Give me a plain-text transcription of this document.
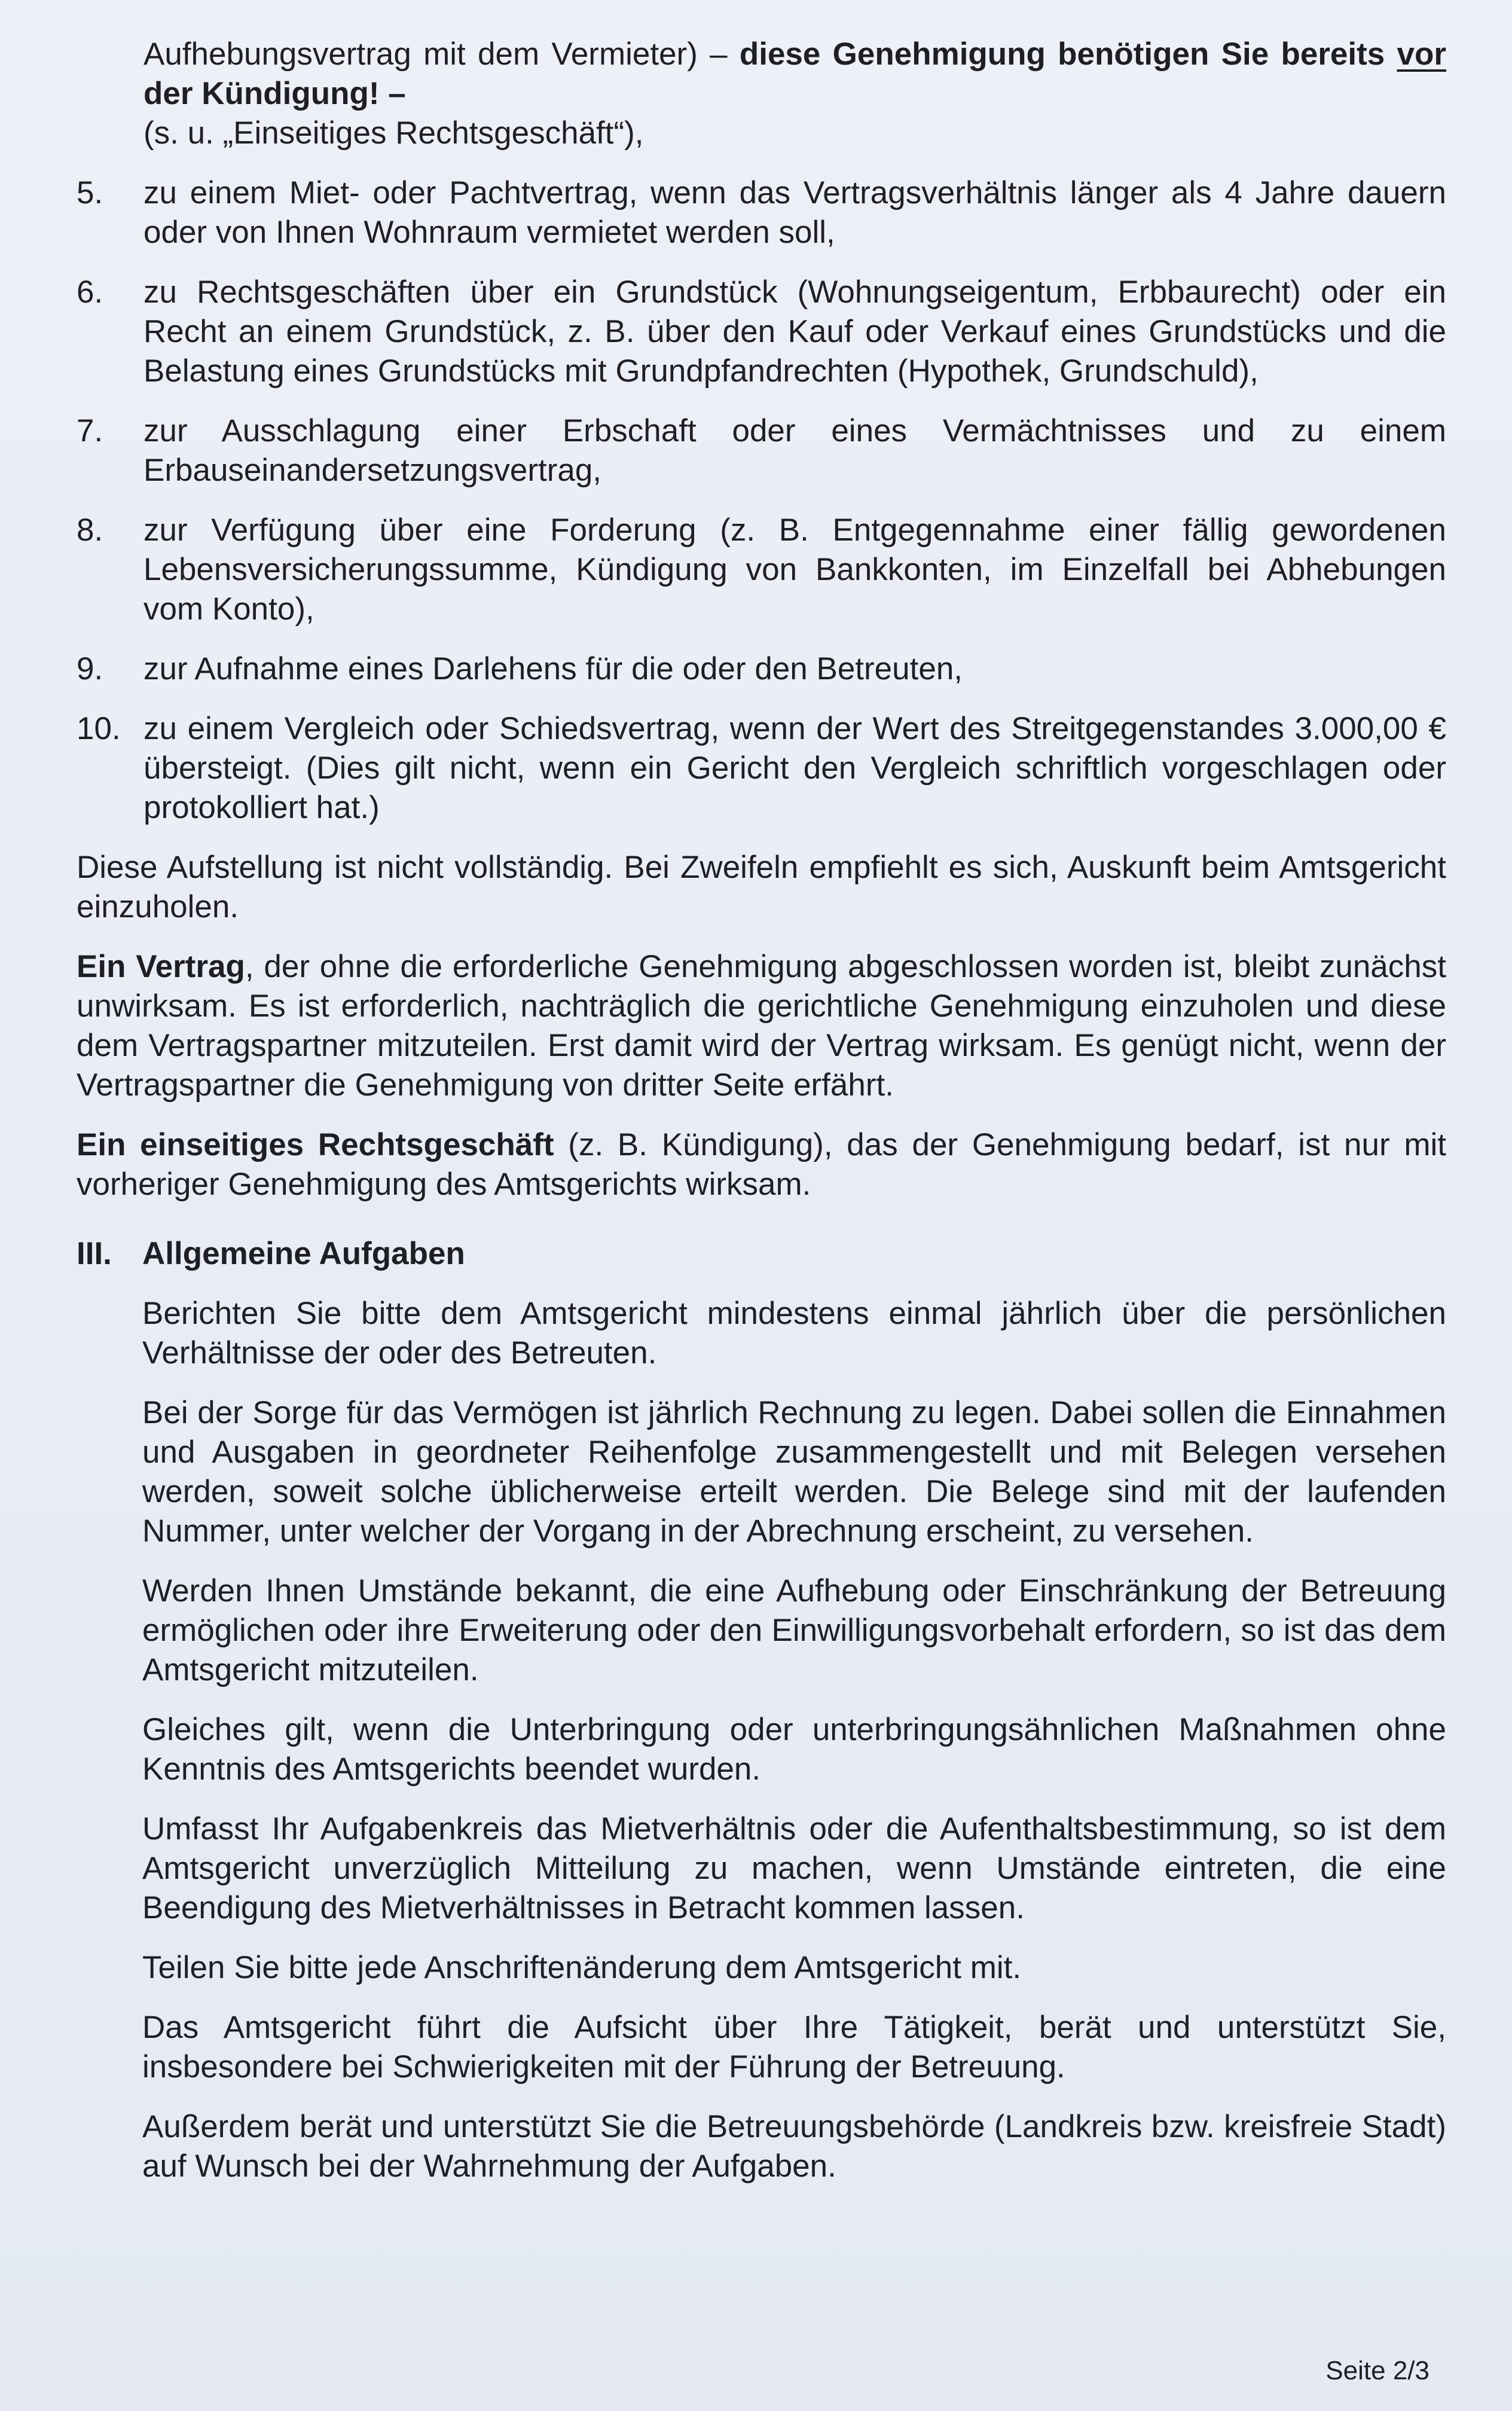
Aufhebungsvertrag mit dem Vermieter) – diese Genehmigung benötigen Sie bereits vor der Kündigung! –
(s. u. „Einseitiges Rechtsgeschäft“),

5.	zu einem Miet- oder Pachtvertrag, wenn das Vertragsverhältnis länger als 4 Jahre dauern oder von Ihnen Wohnraum vermietet werden soll,

6.	zu Rechtsgeschäften über ein Grundstück (Wohnungseigentum, Erbbaurecht) oder ein Recht an einem Grundstück, z. B. über den Kauf oder Verkauf eines Grundstücks und die Belastung eines Grundstücks mit Grundpfandrechten (Hypothek, Grundschuld),

7.	zur Ausschlagung einer Erbschaft oder eines Vermächtnisses und zu einem Erbauseinandersetzungsvertrag,

8.	zur Verfügung über eine Forderung (z. B. Entgegennahme einer fällig gewordenen Lebensversicherungssumme, Kündigung von Bankkonten, im Einzelfall bei Abhebungen vom Konto),

9.	zur Aufnahme eines Darlehens für die oder den Betreuten,

10. zu einem Vergleich oder Schiedsvertrag, wenn der Wert des Streitgegenstandes 3.000,00 € übersteigt. (Dies gilt nicht, wenn ein Gericht den Vergleich schriftlich vorgeschlagen oder protokolliert hat.)

Diese Aufstellung ist nicht vollständig. Bei Zweifeln empfiehlt es sich, Auskunft beim Amtsgericht einzuholen.

Ein Vertrag, der ohne die erforderliche Genehmigung abgeschlossen worden ist, bleibt zunächst unwirksam. Es ist erforderlich, nachträglich die gerichtliche Genehmigung einzuholen und diese dem Vertragspartner mitzuteilen. Erst damit wird der Vertrag wirksam. Es genügt nicht, wenn der Vertragspartner die Genehmigung von dritter Seite erfährt.

Ein einseitiges Rechtsgeschäft (z. B. Kündigung), das der Genehmigung bedarf, ist nur mit vorheriger Genehmigung des Amtsgerichts wirksam.

III. Allgemeine Aufgaben

Berichten Sie bitte dem Amtsgericht mindestens einmal jährlich über die persönlichen Verhältnisse der oder des Betreuten.

Bei der Sorge für das Vermögen ist jährlich Rechnung zu legen. Dabei sollen die Einnahmen und Ausgaben in geordneter Reihenfolge zusammengestellt und mit Belegen versehen werden, soweit solche üblicherweise erteilt werden. Die Belege sind mit der laufenden Nummer, unter welcher der Vorgang in der Abrechnung erscheint, zu versehen.

Werden Ihnen Umstände bekannt, die eine Aufhebung oder Einschränkung der Betreuung ermöglichen oder ihre Erweiterung oder den Einwilligungsvorbehalt erfordern, so ist das dem Amtsgericht mitzuteilen.

Gleiches gilt, wenn die Unterbringung oder unterbringungsähnlichen Maßnahmen ohne Kenntnis des Amtsgerichts beendet wurden.

Umfasst Ihr Aufgabenkreis das Mietverhältnis oder die Aufenthaltsbestimmung, so ist dem Amtsgericht unverzüglich Mitteilung zu machen, wenn Umstände eintreten, die eine Beendigung des Mietverhältnisses in Betracht kommen lassen.

Teilen Sie bitte jede Anschriftenänderung dem Amtsgericht mit.

Das Amtsgericht führt die Aufsicht über Ihre Tätigkeit, berät und unterstützt Sie, insbesondere bei Schwierigkeiten mit der Führung der Betreuung.

Außerdem berät und unterstützt Sie die Betreuungsbehörde (Landkreis bzw. kreisfreie Stadt) auf Wunsch bei der Wahrnehmung der Aufgaben.

Seite 2/3
